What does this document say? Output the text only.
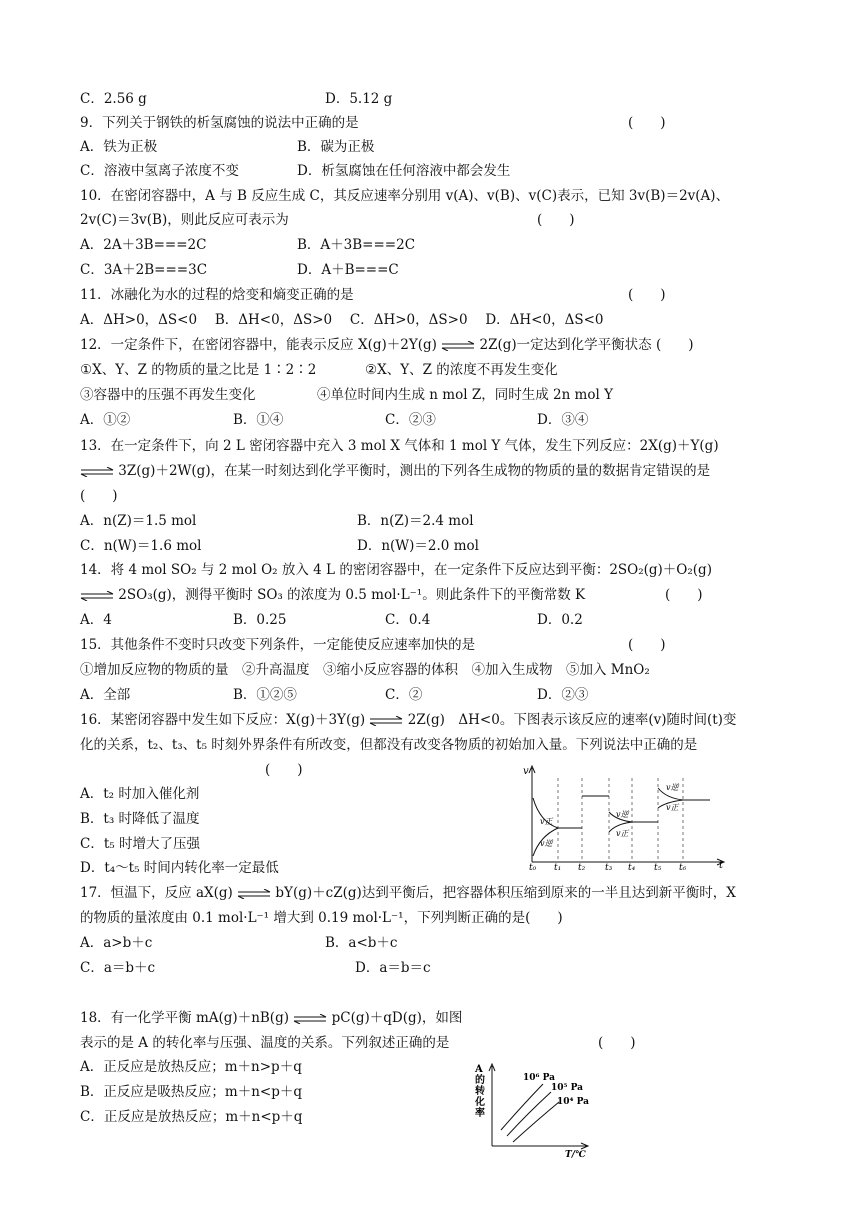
C．2.56 g	D．5.12 g
9．下列关于钢铁的析氢腐蚀的说法中正确的是	(　　)
A．铁为正极	B．碳为正极
C．溶液中氢离子浓度不变	D．析氢腐蚀在任何溶液中都会发生
10．在密闭容器中，A 与 B 反应生成 C，其反应速率分别用 v(A)、v(B)、v(C)表示，已知 3v(B)＝2v(A)、
2v(C)＝3v(B)，则此反应可表示为	(　　)
A．2A＋3B===2C	B．A＋3B===2C
C．3A＋2B===3C	D．A＋B===C
11．冰融化为水的过程的焓变和熵变正确的是	(　　)
A．ΔH>0，ΔS<0　 B．ΔH<0，ΔS>0　 C．ΔH>0，ΔS>0　 D．ΔH<0，ΔS<0
12．一定条件下，在密闭容器中，能表示反应 X(g)＋2Y(g) ⇌ 2Z(g)一定达到化学平衡状态 (　　)
①X、Y、Z 的物质的量之比是 1∶2∶2	②X、Y、Z 的浓度不再发生变化
③容器中的压强不再发生变化	④单位时间内生成 n mol Z，同时生成 2n mol Y
A．①②	B．①④	C．②③	D．③④
13．在一定条件下，向 2 L 密闭容器中充入 3 mol X 气体和 1 mol Y 气体，发生下列反应：2X(g)＋Y(g)
⇌ 3Z(g)＋2W(g)，在某一时刻达到化学平衡时，测出的下列各生成物的物质的量的数据肯定错误的是
(　　)
A．n(Z)＝1.5 mol	B．n(Z)＝2.4 mol
C．n(W)＝1.6 mol	D．n(W)＝2.0 mol
14．将 4 mol SO₂ 与 2 mol O₂ 放入 4 L 的密闭容器中，在一定条件下反应达到平衡：2SO₂(g)＋O₂(g)
⇌ 2SO₃(g)，测得平衡时 SO₃ 的浓度为 0.5 mol·L⁻¹。则此条件下的平衡常数 K	(　　)
A．4	B．0.25	C．0.4	D．0.2
15．其他条件不变时只改变下列条件，一定能使反应速率加快的是	(　　)
①增加反应物的物质的量　②升高温度　③缩小反应容器的体积　④加入生成物　⑤加入 MnO₂
A．全部	B．①②⑤	C．②	D．②③
16．某密闭容器中发生如下反应：X(g)＋3Y(g) ⇌ 2Z(g)　ΔH<0。下图表示该反应的速率(v)随时间(t)变
化的关系，t₂、t₃、t₅ 时刻外界条件有所改变，但都没有改变各物质的初始加入量。下列说法中正确的是
(　　)
A．t₂ 时加入催化剂
B．t₃ 时降低了温度
C．t₅ 时增大了压强
D．t₄～t₅ 时间内转化率一定最低
v
t
v正
v逆
v逆
v正
v逆
v正
t₀ t₁ t₂ t₃ t₄ t₅ t₆
17．恒温下，反应 aX(g) ⇌ bY(g)＋cZ(g)达到平衡后，把容器体积压缩到原来的一半且达到新平衡时，X
的物质的量浓度由 0.1 mol·L⁻¹ 增大到 0.19 mol·L⁻¹，下列判断正确的是(　　)
A．a>b＋c	B．a<b＋c
C．a＝b＋c	D．a＝b＝c
18．有一化学平衡 mA(g)＋nB(g) ⇌ pC(g)＋qD(g)，如图
表示的是 A 的转化率与压强、温度的关系。下列叙述正确的是	(　　)
A．正反应是放热反应；m＋n>p＋q
B．正反应是吸热反应；m＋n<p＋q
C．正反应是放热反应；m＋n<p＋q
A
的
转
化
率
10⁶ Pa
10⁵ Pa
10⁴ Pa
T/℃
